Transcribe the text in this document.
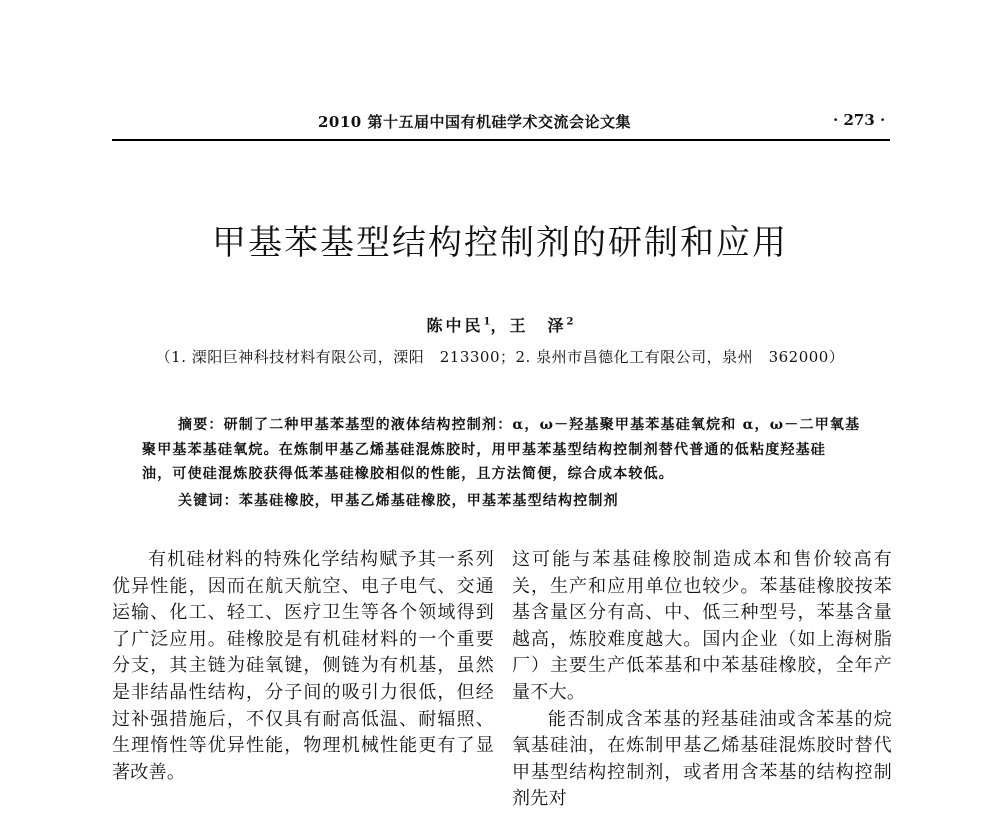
2010 第十五届中国有机硅学术交流会论文集	· 273 ·
甲基苯基型结构控制剂的研制和应用
陈中民$^1$，王　泽$^2$
（1. 溧阳巨神科技材料有限公司，溧阳　213300；2. 泉州市昌德化工有限公司，泉州　362000）
摘要：研制了二种甲基苯基型的液体结构控制剂：α，ω－羟基聚甲基苯基硅氧烷和 α，ω－二甲氧基
聚甲基苯基硅氧烷。在炼制甲基乙烯基硅混炼胶时，用甲基苯基型结构控制剂替代普通的低粘度羟基硅
油，可使硅混炼胶获得低苯基硅橡胶相似的性能，且方法简便，综合成本较低。
关键词：苯基硅橡胶，甲基乙烯基硅橡胶，甲基苯基型结构控制剂

有机硅材料的特殊化学结构赋予其一系列优异性能，因而在航天航空、电子电气、交通运输、化工、轻工、医疗卫生等各个领域得到了广泛应用。硅橡胶是有机硅材料的一个重要分支，其主链为硅氧键，侧链为有机基，虽然是非结晶性结构，分子间的吸引力很低，但经过补强措施后，不仅具有耐高低温、耐辐照、生理惰性等优异性能，物理机械性能更有了显著改善。

这可能与苯基硅橡胶制造成本和售价较高有关，生产和应用单位也较少。苯基硅橡胶按苯基含量区分有高、中、低三种型号，苯基含量越高，炼胶难度越大。国内企业（如上海树脂厂）主要生产低苯基和中苯基硅橡胶，全年产量不大。

能否制成含苯基的羟基硅油或含苯基的烷氧基硅油，在炼制甲基乙烯基硅混炼胶时替代甲基型结构控制剂，或者用含苯基的结构控制剂先对
